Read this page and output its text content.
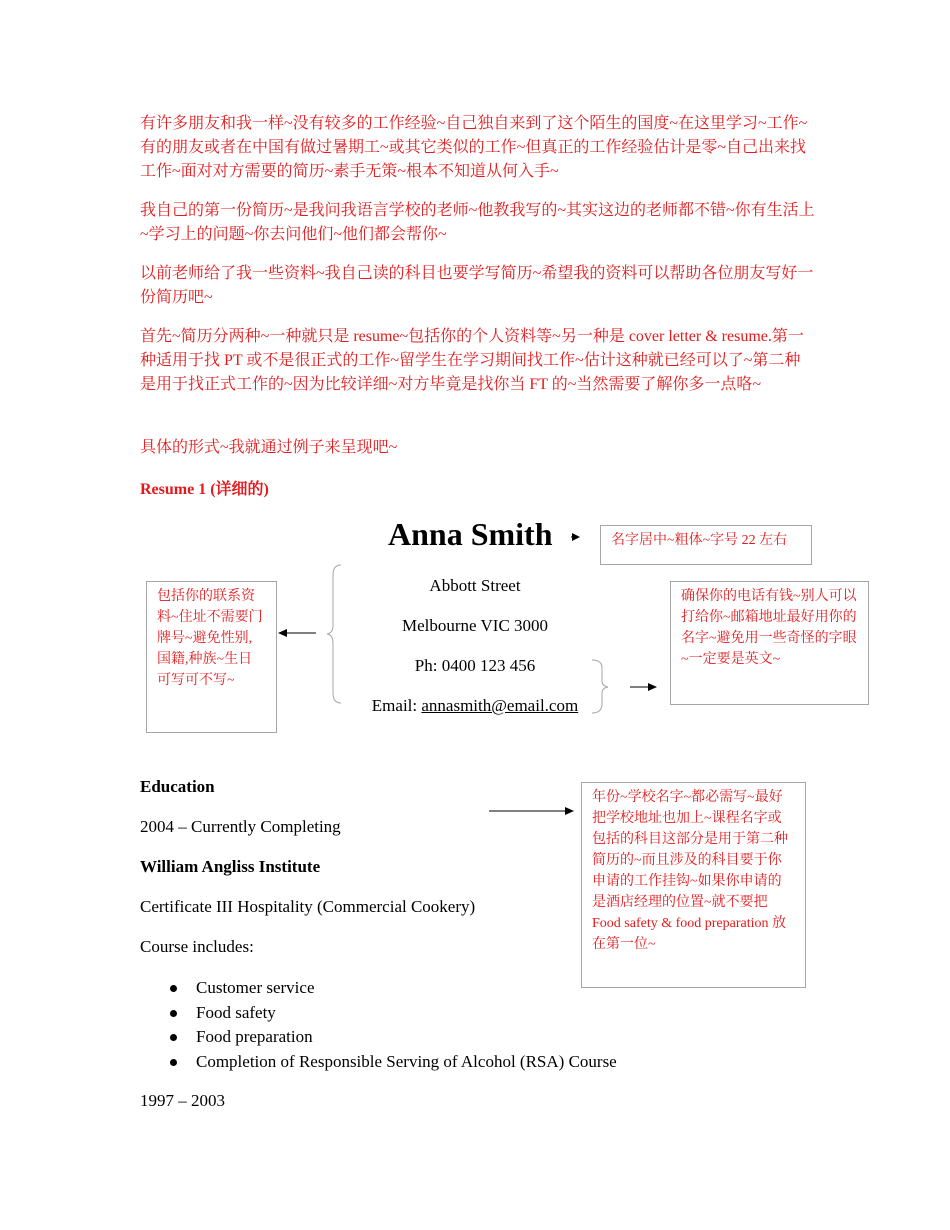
有许多朋友和我一样~没有较多的工作经验~自己独自来到了这个陌生的国度~在这里学习~工作~有的朋友或者在中国有做过暑期工~或其它类似的工作~但真正的工作经验估计是零~自己出来找工作~面对对方需要的简历~素手无策~根本不知道从何入手~

我自己的第一份简历~是我问我语言学校的老师~他教我写的~其实这边的老师都不错~你有生活上~学习上的问题~你去问他们~他们都会帮你~

以前老师给了我一些资料~我自己读的科目也要学写简历~希望我的资料可以帮助各位朋友写好一份简历吧~

首先~简历分两种~一种就只是 resume~包括你的个人资料等~另一种是 cover letter & resume.第一种适用于找 PT 或不是很正式的工作~留学生在学习期间找工作~估计这种就已经可以了~第二种是用于找正式工作的~因为比较详细~对方毕竟是找你当 FT 的~当然需要了解你多一点咯~

具体的形式~我就通过例子来呈现吧~

Resume 1 (详细的)

Anna Smith
Abbott Street
Melbourne VIC 3000
Ph: 0400 123 456
Email: annasmith@email.com
名字居中~粗体~字号 22 左右
包括你的联系资料~住址不需要门牌号~避免性别,国籍,种族~生日可写可不写~
确保你的电话有钱~别人可以打给你~邮箱地址最好用你的名字~避免用一些奇怪的字眼~一定要是英文~
年份~学校名字~都必需写~最好把学校地址也加上~课程名字或包括的科目这部分是用于第二种简历的~而且涉及的科目要于你申请的工作挂钩~如果你申请的是酒店经理的位置~就不要把 Food safety & food preparation 放在第一位~
Education
2004 – Currently Completing
William Angliss Institute
Certificate III Hospitality (Commercial Cookery)
Course includes:
Customer service
Food safety
Food preparation
Completion of Responsible Serving of Alcohol (RSA) Course
1997 – 2003
